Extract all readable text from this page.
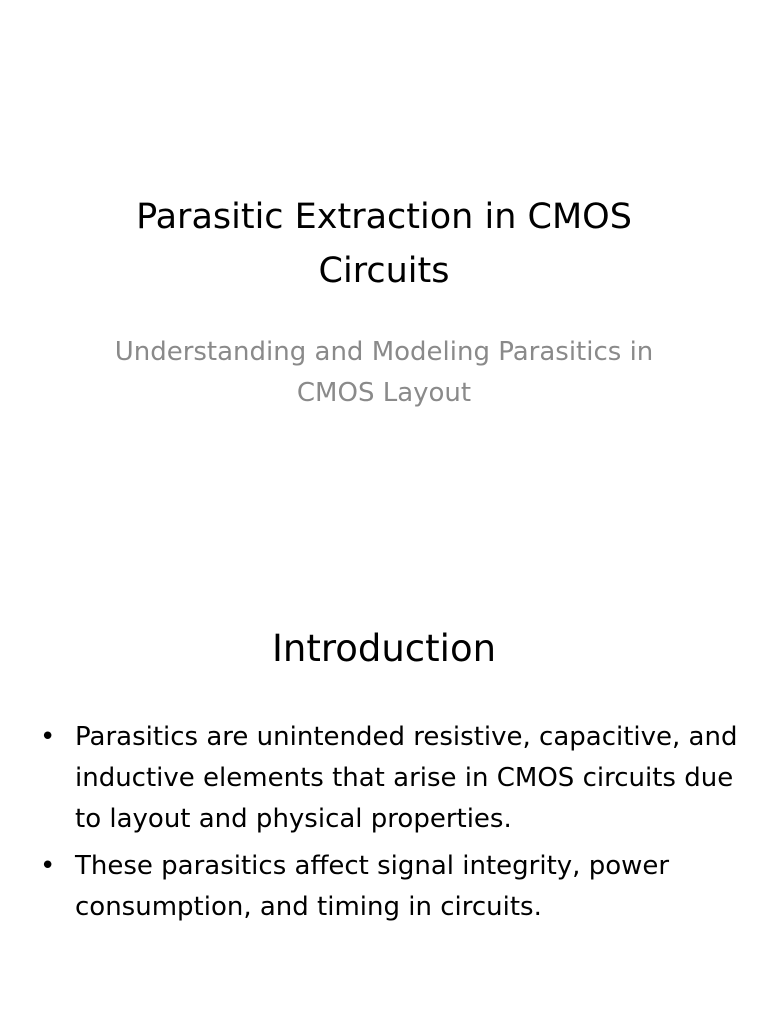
Parasitic Extraction in CMOS Circuits
Understanding and Modeling Parasitics in CMOS Layout
Introduction
• Parasitics are unintended resistive, capacitive, and inductive elements that arise in CMOS circuits due to layout and physical properties.
• These parasitics affect signal integrity, power consumption, and timing in circuits.
